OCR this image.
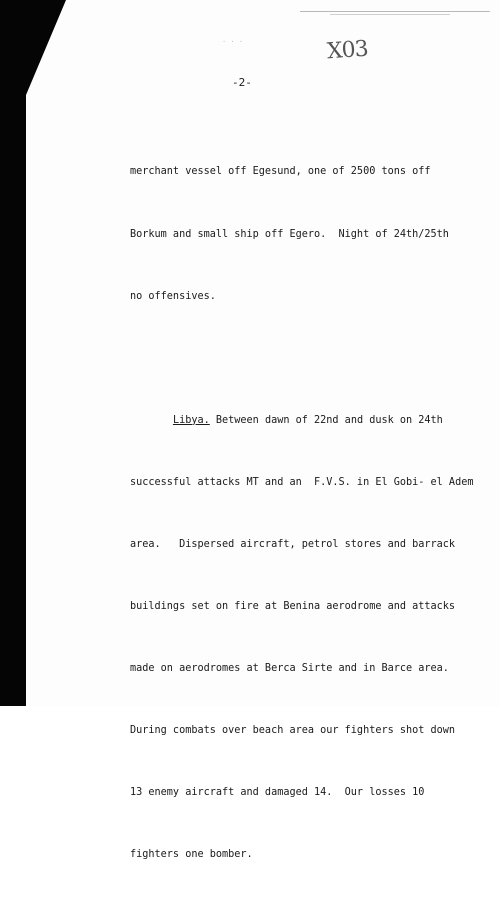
· · ·	X03
-2-

merchant vessel off Egesund, one of 2500 tons off

Borkum and small ship off Egero.  Night of 24th/25th

no offensives.

Libya. Between dawn of 22nd and dusk on 24th

successful attacks MT and an  F.V.S. in El Gobi- el Adem

area.   Dispersed aircraft, petrol stores and barrack

buildings set on fire at Benina aerodrome and attacks

made on aerodromes at Berca Sirte and in Barce area.

During combats over beach area our fighters shot down

13 enemy aircraft and damaged 14.  Our losses 10

fighters one bomber.
